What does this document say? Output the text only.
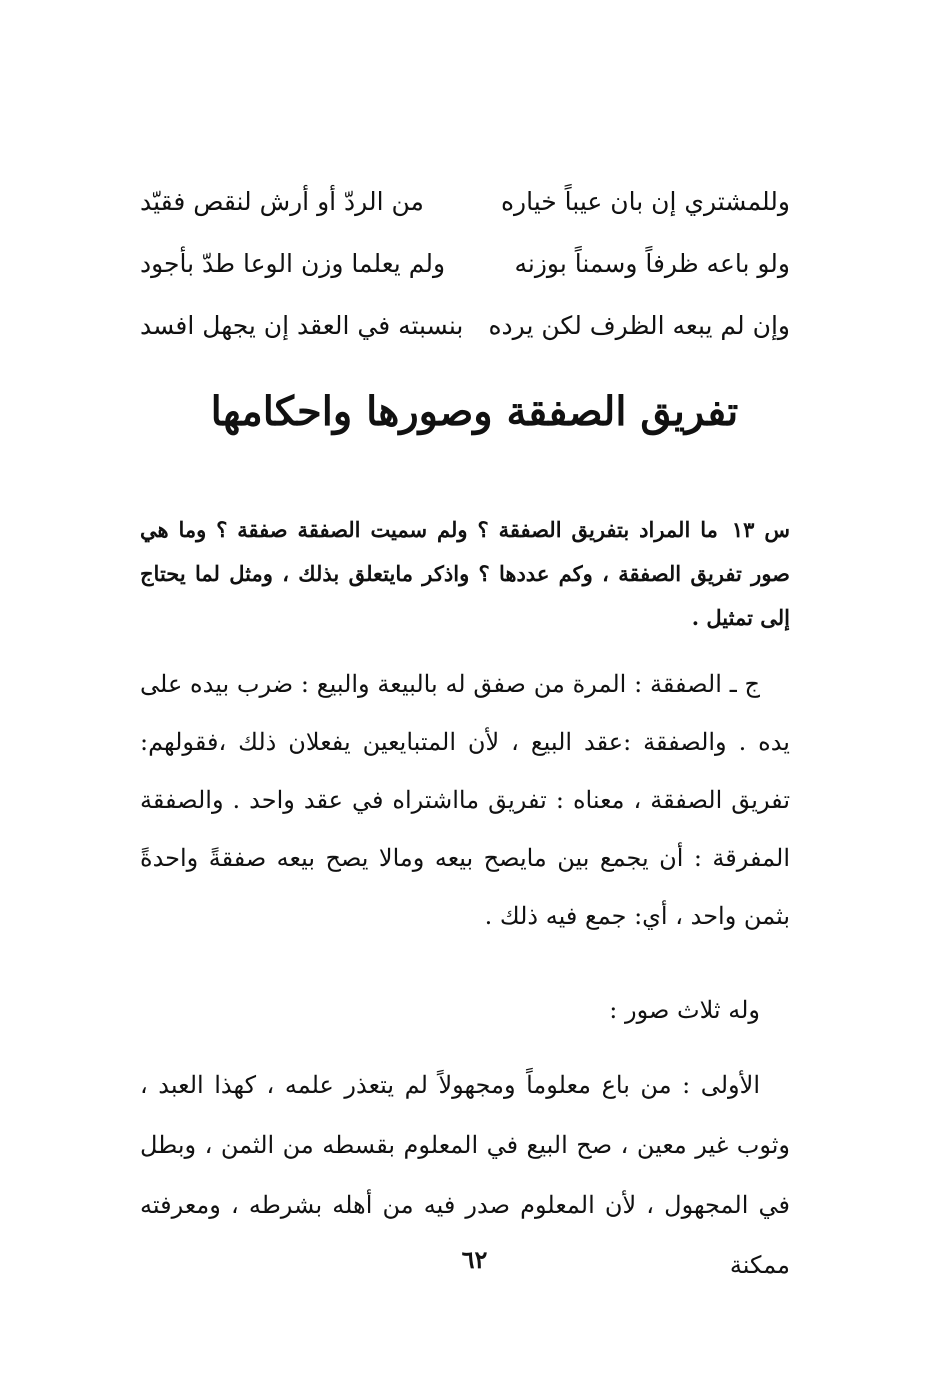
وللمشتري إن بان عيباً خياره
من الردّ أو أرش لنقص فقيّد
ولو باعه ظرفاً وسمناً بوزنه
ولم يعلما وزن الوعا طدّ بأجود
وإن لم يبعه الظرف لكن يرده
بنسبته في العقد إن يجهل افسد
تفريق الصفقة وصورها واحكامها
س ١٣ما المراد بتفريق الصفقة ؟ ولم سميت الصفقة صفقة ؟ وما هي صور تفريق الصفقة ، وكم عددها ؟ واذكر مايتعلق بذلك ، ومثل لما يحتاج إلى تمثيل .
ج ـ الصفقة : المرة من صفق له بالبيعة والبيع : ضرب بيده على يده . والصفقة :عقد البيع ، لأن المتبايعين يفعلان ذلك ،فقولهم: تفريق الصفقة ، معناه : تفريق مااشتراه في عقد واحد . والصفقة المفرقة : أن يجمع بين مايصح بيعه ومالا يصح بيعه صفقةً واحدةً بثمن واحد ، أي: جمع فيه ذلك .
وله ثلاث صور :
الأولى : من باع معلوماً ومجهولاً لم يتعذر علمه ، كهذا العبد ، وثوب غير معين ، صح البيع في المعلوم بقسطه من الثمن ، وبطل في المجهول ، لأن المعلوم صدر فيه من أهله بشرطه ، ومعرفته ممكنة
٦٢
